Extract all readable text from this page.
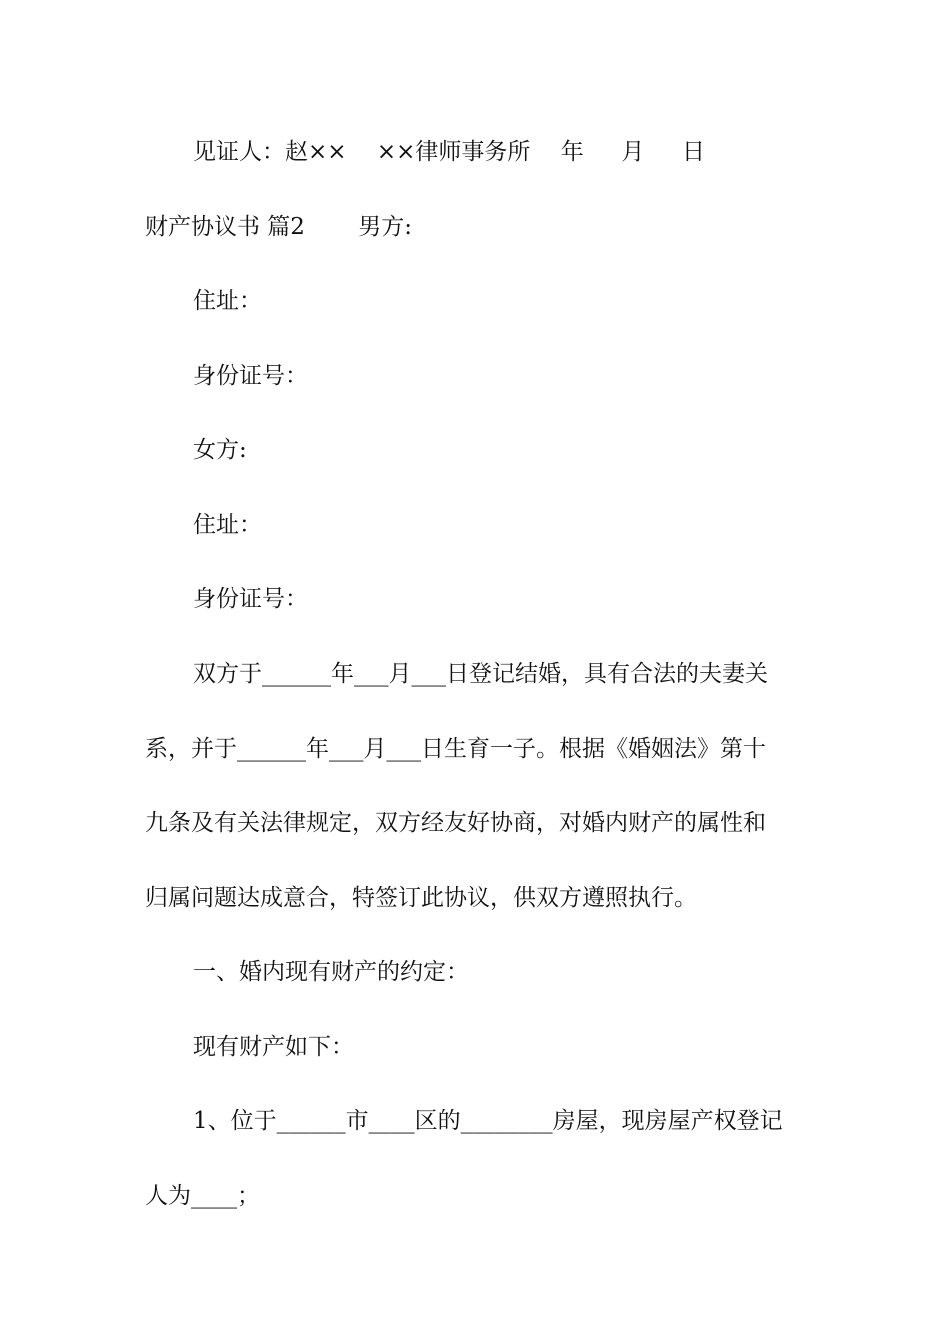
见证人：赵××　 ××律师事务所　 年　  月　  日
财产协议书 篇2　　 男方:
住址：
身份证号：
女方:
住址：
身份证号：
双方于______年___月___日登记结婚，具有合法的夫妻关
系，并于______年___月___日生育一子。根据《婚姻法》第十
九条及有关法律规定，双方经友好协商，对婚内财产的属性和
归属问题达成意合，特签订此协议，供双方遵照执行。
一、婚内现有财产的约定：
现有财产如下：
1、位于______市____区的________房屋，现房屋产权登记
人为____；
